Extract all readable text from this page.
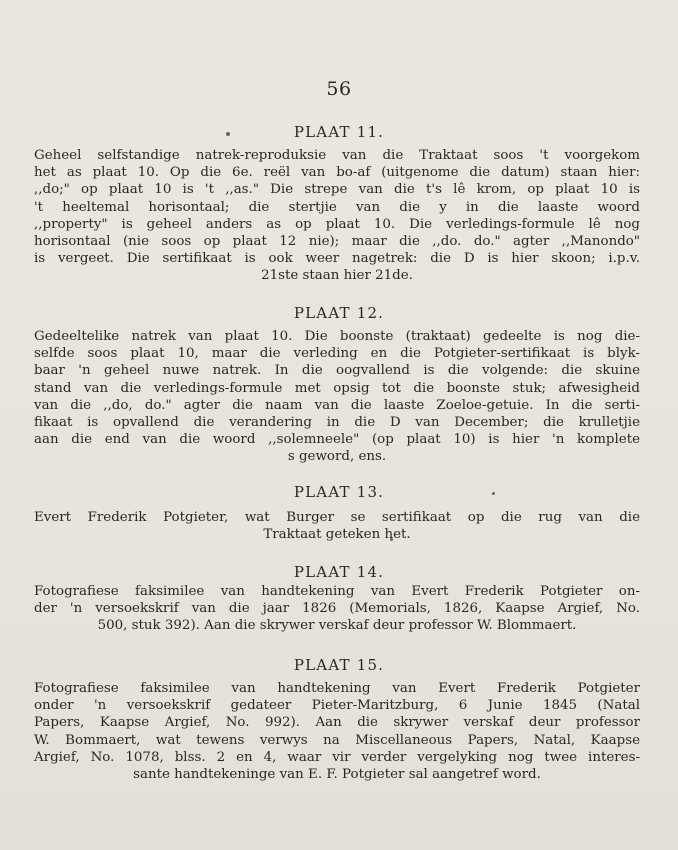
56
PLAAT 11.
Geheel selfstandige natrek-reproduksie van die Traktaat soos 't voorgekom
het as plaat 10. Op die 6e. reël van bo-af (uitgenome die datum) staan hier:
,,do;" op plaat 10 is 't ,,as." Die strepe van die t's lê krom, op plaat 10 is
't heeltemal horisontaal; die stertjie van die y in die laaste woord
,,property" is geheel anders as op plaat 10. Die verledings-formule lê nog
horisontaal (nie soos op plaat 12 nie); maar die ,,do. do." agter ,,Manondo"
is vergeet. Die sertifikaat is ook weer nagetrek: die D is hier skoon; i.p.v.
21ste staan hier 21de.
PLAAT 12.
Gedeeltelike natrek van plaat 10. Die boonste (traktaat) gedeelte is nog die-
selfde soos plaat 10, maar die verleding en die Potgieter-sertifikaat is blyk-
baar 'n geheel nuwe natrek. In die oogvallend is die volgende: die skuine
stand van die verledings-formule met opsig tot die boonste stuk; afwesigheid
van die ,,do, do." agter die naam van die laaste Zoeloe-getuie. In die serti-
fikaat is opvallend die verandering in die D van December; die krulletjie
aan die end van die woord ,,solemneele" (op plaat 10) is hier 'n komplete
s geword, ens.
PLAAT 13.
Evert Frederik Potgieter, wat Burger se sertifikaat op die rug van die
Traktaat geteken het.
PLAAT 14.
Fotografiese faksimilee van handtekening van Evert Frederik Potgieter on-
der 'n versoekskrif van die jaar 1826 (Memorials, 1826, Kaapse Argief, No.
500, stuk 392). Aan die skrywer verskaf deur professor W. Blommaert.
PLAAT 15.
Fotografiese faksimilee van handtekening van Evert Frederik Potgieter
onder 'n versoekskrif gedateer Pieter-Maritzburg, 6 Junie 1845 (Natal
Papers, Kaapse Argief, No. 992). Aan die skrywer verskaf deur professor
W. Bommaert, wat tewens verwys na Miscellaneous Papers, Natal, Kaapse
Argief, No. 1078, blss. 2 en 4, waar vir verder vergelyking nog twee interes-
sante handtekeninge van E. F. Potgieter sal aangetref word.
